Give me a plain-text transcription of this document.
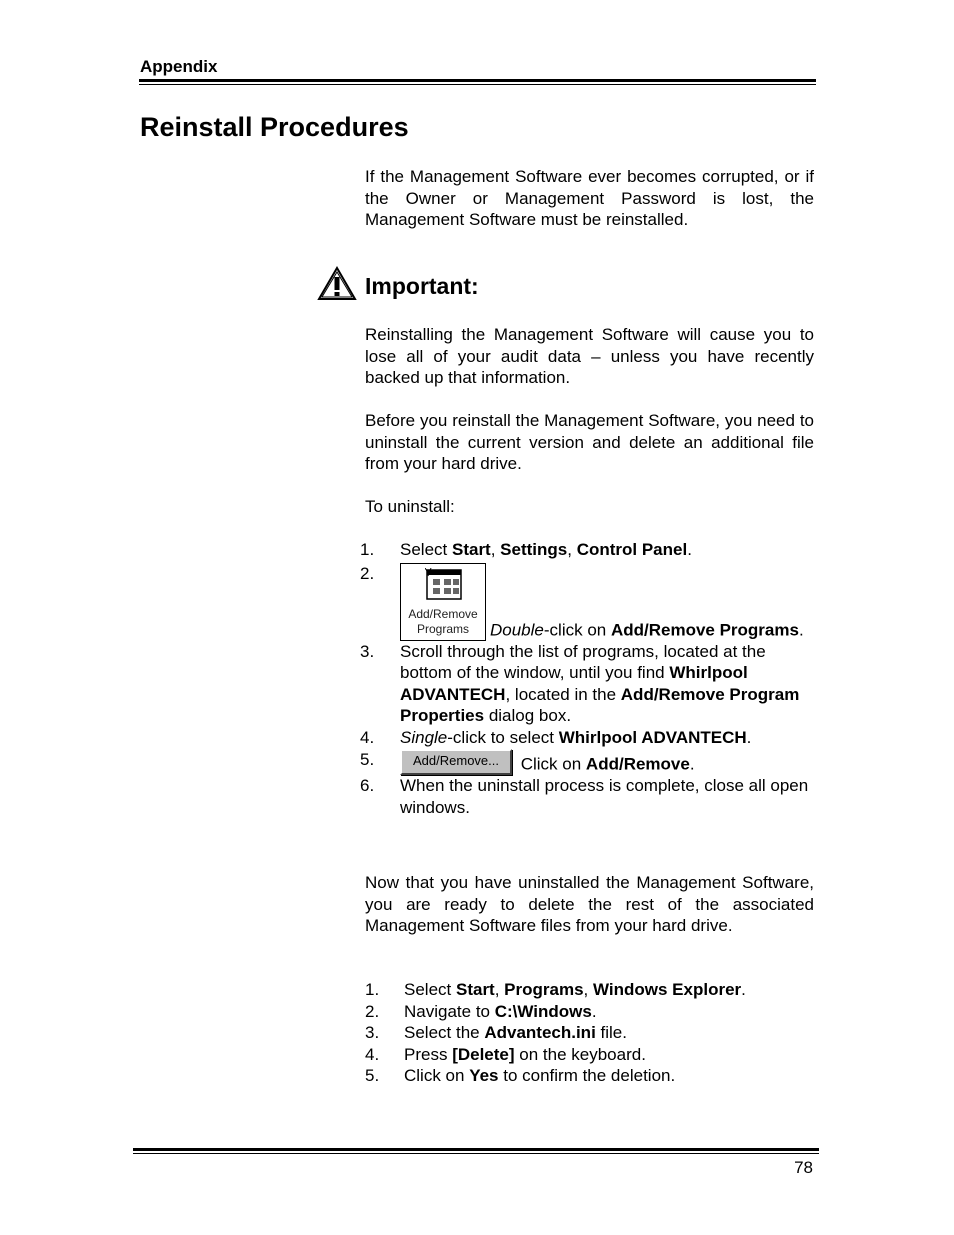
Appendix
Reinstall Procedures
If the Management Software ever becomes corrupted, or if the Owner or Management Password is lost, the Management Software must be reinstalled.
Important:
Reinstalling the Management Software will cause you to lose all of your audit data – unless you have recently backed up that information.
Before you reinstall the Management Software, you need to uninstall the current version and delete an additional file from your hard drive.
To uninstall:
1. Select Start, Settings, Control Panel.
2.
Add/Remove
Programs	Double-click on Add/Remove Programs.
3. Scroll through the list of programs, located at the bottom of the window, until you find Whirlpool ADVANTECH, located in the Add/Remove Program Properties dialog box.
4. Single-click to select Whirlpool ADVANTECH.
5.	Add/Remove... Click on Add/Remove.
6. When the uninstall process is complete, close all open windows.
Now that you have uninstalled the Management Software, you are ready to delete the rest of the associated Management Software files from your hard drive.
1. Select Start, Programs, Windows Explorer.
2. Navigate to C:\Windows.
3. Select the Advantech.ini file.
4. Press [Delete] on the keyboard.
5. Click on Yes to confirm the deletion.
78
